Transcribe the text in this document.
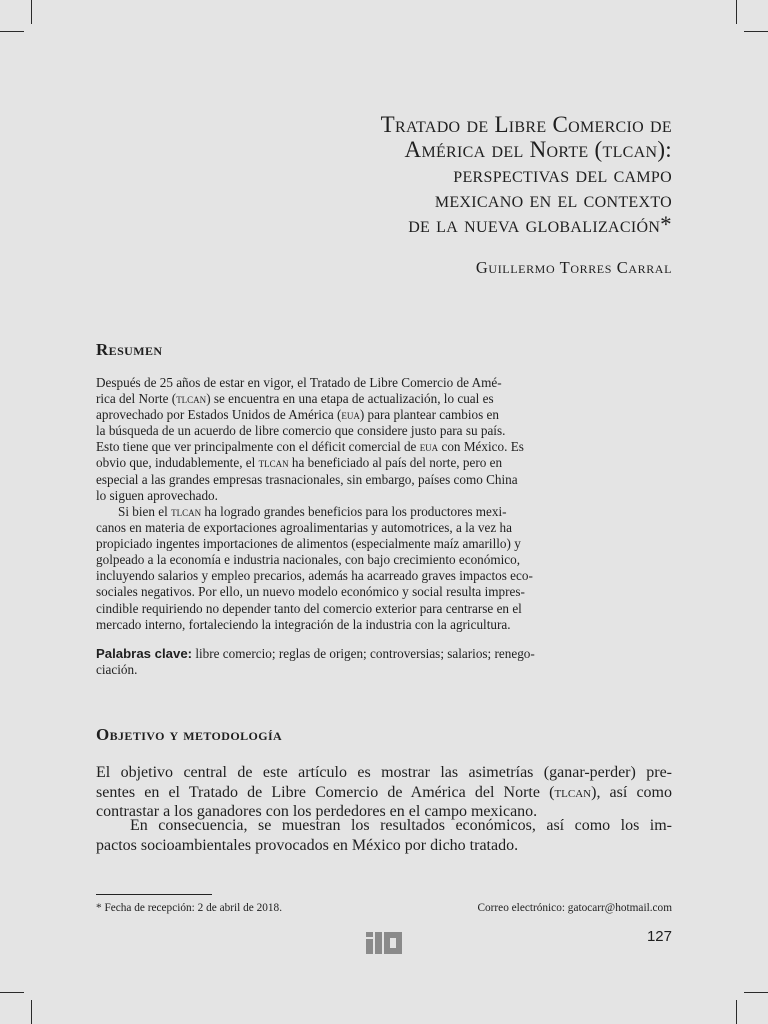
Tratado de Libre Comercio de
América del Norte (tlcan):
perspectivas del campo
mexicano en el contexto
de la nueva globalización*
Guillermo Torres Carral
Resumen
Después de 25 años de estar en vigor, el Tratado de Libre Comercio de Amé-
rica del Norte (tlcan) se encuentra en una etapa de actualización, lo cual es
aprovechado por Estados Unidos de América (eua) para plantear cambios en
la búsqueda de un acuerdo de libre comercio que considere justo para su país.
Esto tiene que ver principalmente con el déficit comercial de eua con México. Es
obvio que, indudablemente, el tlcan ha beneficiado al país del norte, pero en
especial a las grandes empresas trasnacionales, sin embargo, países como China
lo siguen aprovechado.
Si bien el tlcan ha logrado grandes beneficios para los productores mexi-
canos en materia de exportaciones agroalimentarias y automotrices, a la vez ha
propiciado ingentes importaciones de alimentos (especialmente maíz amarillo) y
golpeado a la economía e industria nacionales, con bajo crecimiento económico,
incluyendo salarios y empleo precarios, además ha acarreado graves impactos eco-
sociales negativos. Por ello, un nuevo modelo económico y social resulta impres-
cindible requiriendo no depender tanto del comercio exterior para centrarse en el
mercado interno, fortaleciendo la integración de la industria con la agricultura.
Palabras clave: libre comercio; reglas de origen; controversias; salarios; renego-
ciación.
Objetivo y metodología
El objetivo central de este artículo es mostrar las asimetrías (ganar-perder) pre-
sentes en el Tratado de Libre Comercio de América del Norte (tlcan), así como
contrastar a los ganadores con los perdedores en el campo mexicano.
En consecuencia, se muestran los resultados económicos, así como los im-
pactos socioambientales provocados en México por dicho tratado.
* Fecha de recepción: 2 de abril de 2018.	Correo electrónico: gatocarr@hotmail.com
127
